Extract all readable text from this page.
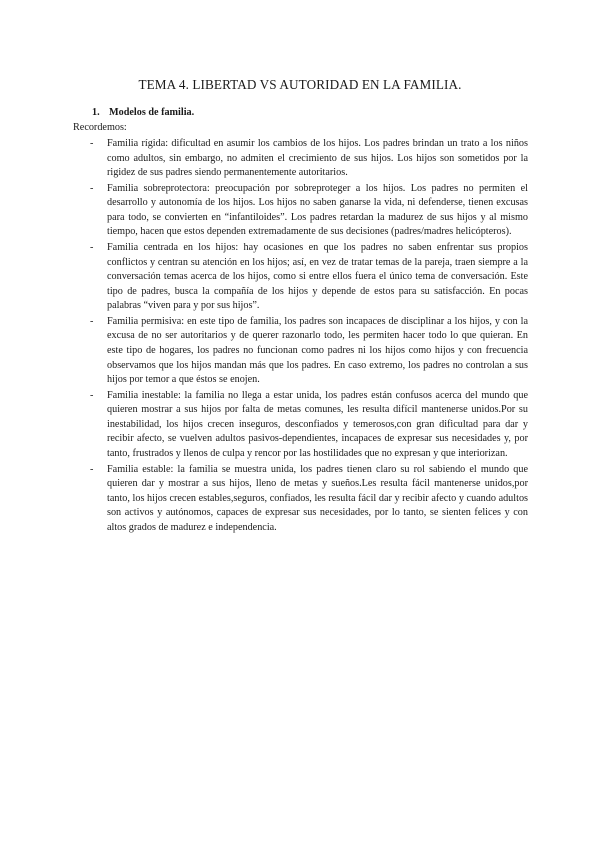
TEMA 4. LIBERTAD VS AUTORIDAD EN LA FAMILIA.
1. Modelos de familia.

Recordemos:

- Familia rígida: dificultad en asumir los cambios de los hijos. Los padres brindan un trato a los niños como adultos, sin embargo, no admiten el crecimiento de sus hijos. Los hijos son sometidos por la rigidez de sus padres siendo permanentemente autoritarios.
- Familia sobreprotectora: preocupación por sobreproteger a los hijos. Los padres no permiten el desarrollo y autonomía de los hijos. Los hijos no saben ganarse la vida, ni defenderse, tienen excusas para todo, se convierten en “infantiloides”. Los padres retardan la madurez de sus hijos y al mismo tiempo, hacen que estos dependen extremadamente de sus decisiones (padres/madres helicópteros).
- Familia centrada en los hijos: hay ocasiones en que los padres no saben enfrentar sus propios conflictos y centran su atención en los hijos; así, en vez de tratar temas de la pareja, traen siempre a la conversación temas acerca de los hijos, como si entre ellos fuera el único tema de conversación. Este tipo de padres, busca la compañía de los hijos y depende de estos para su satisfacción. En pocas palabras “viven para y por sus hijos”.
- Familia permisiva: en este tipo de familia, los padres son incapaces de disciplinar a los hijos, y con la excusa de no ser autoritarios y de querer razonarlo todo, les permiten hacer todo lo que quieran. En este tipo de hogares, los padres no funcionan como padres ni los hijos como hijos y con frecuencia observamos que los hijos mandan más que los padres. En caso extremo, los padres no controlan a sus hijos por temor a que éstos se enojen.
- Familia inestable: la familia no llega a estar unida, los padres están confusos acerca del mundo que quieren mostrar a sus hijos por falta de metas comunes, les resulta difícil mantenerse unidos.Por su inestabilidad, los hijos crecen inseguros, desconfiados y temerosos,con gran dificultad para dar y recibir afecto, se vuelven adultos pasivos-dependientes, incapaces de expresar sus necesidades y, por tanto, frustrados y llenos de culpa y rencor por las hostilidades que no expresan y que interiorizan.
- Familia estable: la familia se muestra unida, los padres tienen claro su rol sabiendo el mundo que quieren dar y mostrar a sus hijos, lleno de metas y sueños.Les resulta fácil mantenerse unidos,por tanto, los hijos crecen estables,seguros, confiados, les resulta fácil dar y recibir afecto y cuando adultos son activos y autónomos, capaces de expresar sus necesidades, por lo tanto, se sienten felices y con altos grados de madurez e independencia.
